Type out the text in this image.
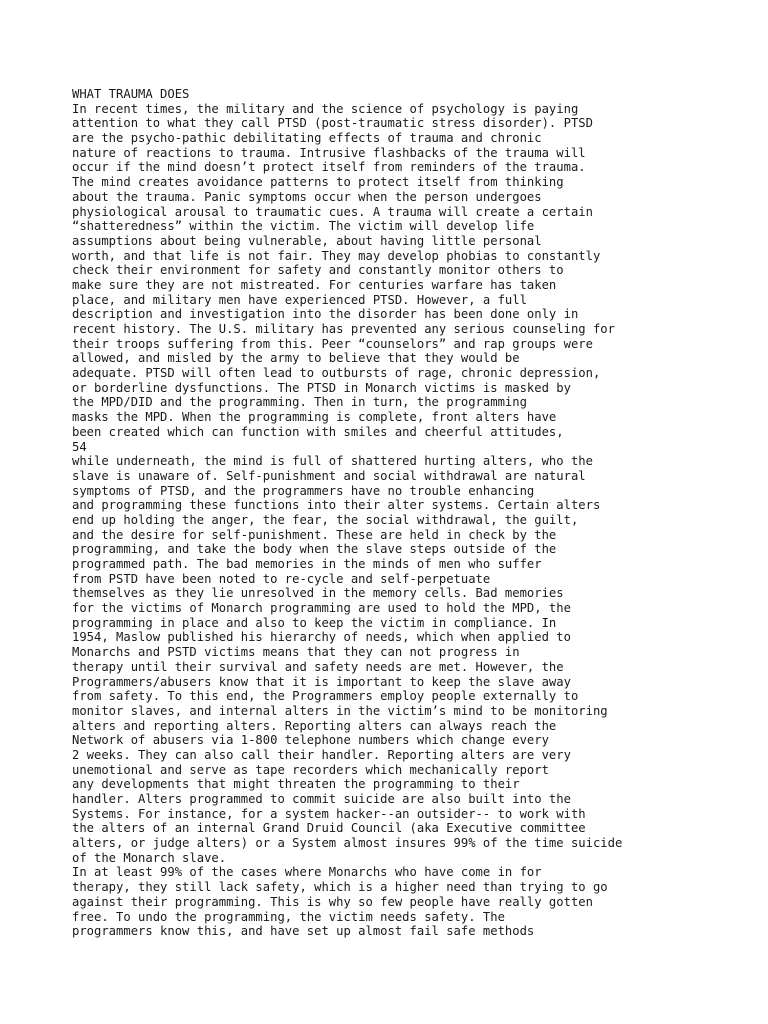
WHAT TRAUMA DOES
In recent times, the military and the science of psychology is paying
attention to what they call PTSD (post-traumatic stress disorder). PTSD
are the psycho-pathic debilitating effects of trauma and chronic
nature of reactions to trauma. Intrusive flashbacks of the trauma will
occur if the mind doesn’t protect itself from reminders of the trauma.
The mind creates avoidance patterns to protect itself from thinking
about the trauma. Panic symptoms occur when the person undergoes
physiological arousal to traumatic cues. A trauma will create a certain
“shatteredness” within the victim. The victim will develop life
assumptions about being vulnerable, about having little personal
worth, and that life is not fair. They may develop phobias to constantly
check their environment for safety and constantly monitor others to
make sure they are not mistreated. For centuries warfare has taken
place, and military men have experienced PTSD. However, a full
description and investigation into the disorder has been done only in
recent history. The U.S. military has prevented any serious counseling for
their troops suffering from this. Peer “counselors” and rap groups were
allowed, and misled by the army to believe that they would be
adequate. PTSD will often lead to outbursts of rage, chronic depression,
or borderline dysfunctions. The PTSD in Monarch victims is masked by
the MPD/DID and the programming. Then in turn, the programming
masks the MPD. When the programming is complete, front alters have
been created which can function with smiles and cheerful attitudes,
54
while underneath, the mind is full of shattered hurting alters, who the
slave is unaware of. Self-punishment and social withdrawal are natural
symptoms of PTSD, and the programmers have no trouble enhancing
and programming these functions into their alter systems. Certain alters
end up holding the anger, the fear, the social withdrawal, the guilt,
and the desire for self-punishment. These are held in check by the
programming, and take the body when the slave steps outside of the
programmed path. The bad memories in the minds of men who suffer
from PSTD have been noted to re-cycle and self-perpetuate
themselves as they lie unresolved in the memory cells. Bad memories
for the victims of Monarch programming are used to hold the MPD, the
programming in place and also to keep the victim in compliance. In
1954, Maslow published his hierarchy of needs, which when applied to
Monarchs and PSTD victims means that they can not progress in
therapy until their survival and safety needs are met. However, the
Programmers/abusers know that it is important to keep the slave away
from safety. To this end, the Programmers employ people externally to
monitor slaves, and internal alters in the victim’s mind to be monitoring
alters and reporting alters. Reporting alters can always reach the
Network of abusers via 1-800 telephone numbers which change every
2 weeks. They can also call their handler. Reporting alters are very
unemotional and serve as tape recorders which mechanically report
any developments that might threaten the programming to their
handler. Alters programmed to commit suicide are also built into the
Systems. For instance, for a system hacker--an outsider-- to work with
the alters of an internal Grand Druid Council (aka Executive committee
alters, or judge alters) or a System almost insures 99% of the time suicide
of the Monarch slave.
In at least 99% of the cases where Monarchs who have come in for
therapy, they still lack safety, which is a higher need than trying to go
against their programming. This is why so few people have really gotten
free. To undo the programming, the victim needs safety. The
programmers know this, and have set up almost fail safe methods
